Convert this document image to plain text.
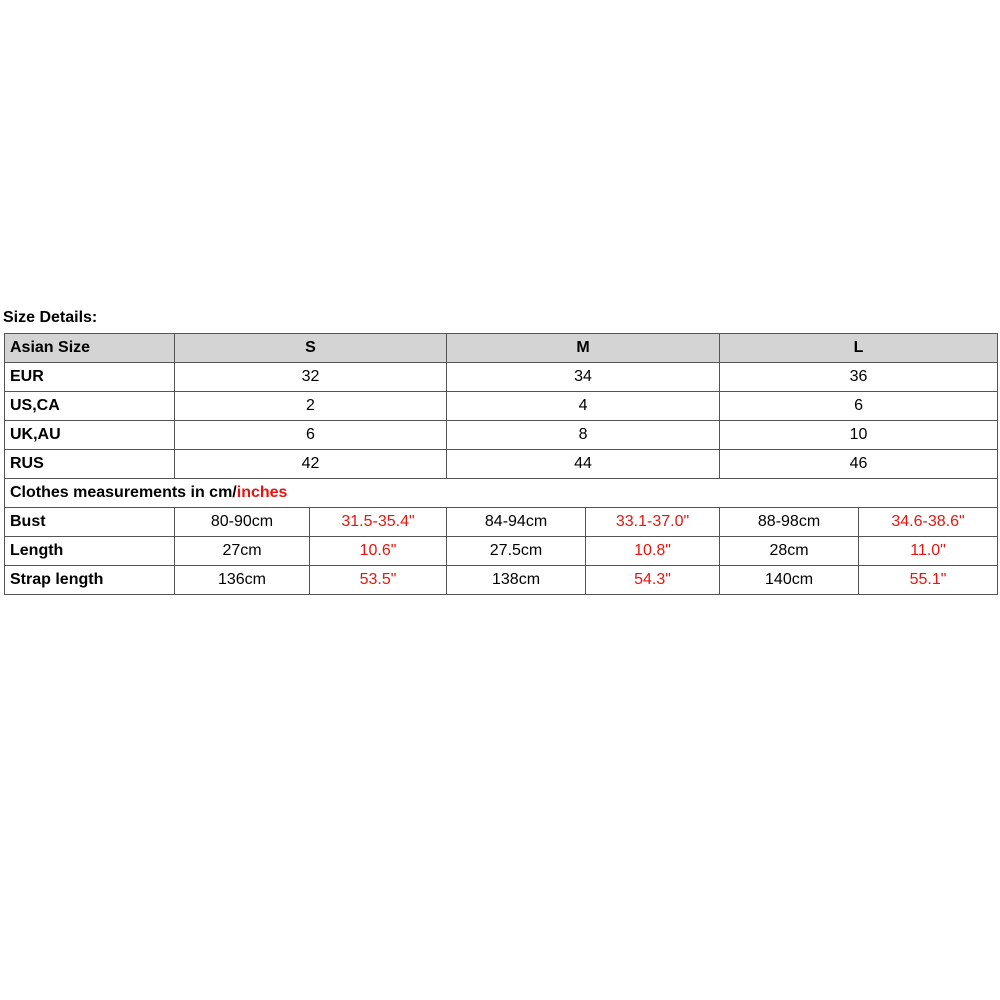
Size Details:
Asian Size	S		M		L	
EUR	32		34		36	
US,CA	2		4		6	
UK,AU	6		8		10	
RUS	42		44		46	
Clothes measurements in cm/inches						
Bust	80-90cm	31.5-35.4"	84-94cm	33.1-37.0"	88-98cm	34.6-38.6"
Length	27cm	10.6"	27.5cm	10.8"	28cm	11.0"
Strap length	136cm	53.5"	138cm	54.3"	140cm	55.1"
